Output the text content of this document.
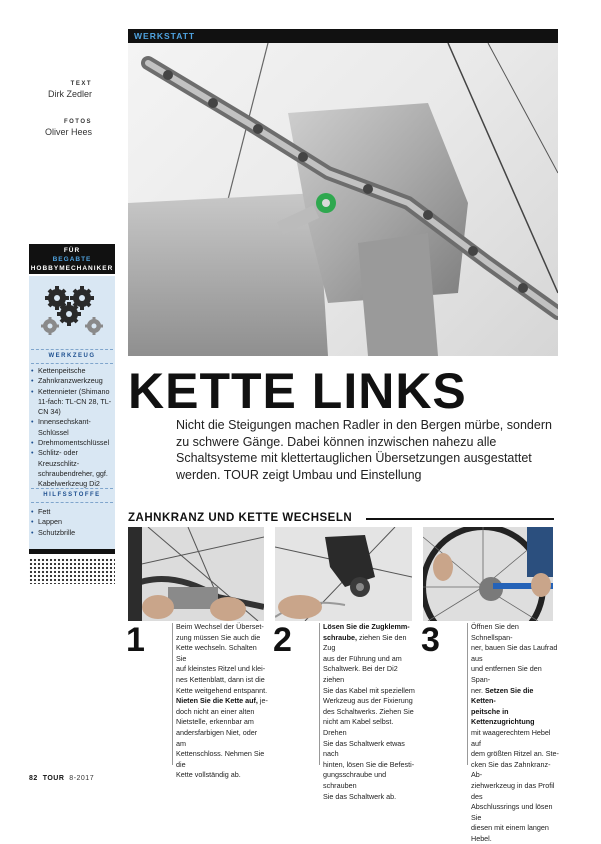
TEXT
Dirk Zedler
FOTOS
Oliver Hees
FÜR
BEGABTE
HOBBYMECHANIKER
WERKZEUG
• Kettenpeitsche
• Zahnkranzwerkzeug
• Kettennieter (Shimano
11-fach: TL-CN 28, TL-CN 34)
• Innensechskant-Schlüssel
• Drehmomentschlüssel
• Schlitz- oder Kreuzschlitz-
schraubendreher, ggf.
Kabelwerkzeug Di2
HILFSSTOFFE
• Fett
• Lappen
• Schutzbrille
WERKSTATT
KETTE LINKS
Nicht die Steigungen machen Radler in den Bergen mürbe, sondern zu schwere Gänge. Dabei können inzwischen nahezu alle Schaltsysteme mit klettertauglichen Übersetzungen ausgestattet werden. TOUR zeigt Umbau und Einstellung
ZAHNKRANZ UND KETTE WECHSELN
1	2	3
Beim Wechsel der Überset-
zung müssen Sie auch die
Kette wechseln. Schalten Sie
auf kleinstes Ritzel und klei-
nes Kettenblatt, dann ist die
Kette weitgehend entspannt.
Nieten Sie die Kette auf, je-
doch nicht an einer alten
Nietstelle, erkennbar am
andersfarbigen Niet, oder am
Kettenschloss. Nehmen Sie die
Kette vollständig ab.
Lösen Sie die Zugklemm-
schraube, ziehen Sie den Zug
aus der Führung und am
Schaltwerk. Bei der Di2 ziehen
Sie das Kabel mit speziellem
Werkzeug aus der Fixierung
des Schaltwerks. Ziehen Sie
nicht am Kabel selbst. Drehen
Sie das Schaltwerk etwas nach
hinten, lösen Sie die Befesti-
gungsschraube und schrauben
Sie das Schaltwerk ab.
Öffnen Sie den Schnellspan-
ner, bauen Sie das Laufrad aus
und entfernen Sie den Span-
ner. Setzen Sie die Ketten-
peitsche in Kettenzugrichtung
mit waagerechtem Hebel auf
dem größten Ritzel an. Ste-
cken Sie das Zahnkranz-Ab-
ziehwerkzeug in das Profil des
Abschlussrings und lösen Sie
diesen mit einem langen
Hebel.
82 TOUR 8-2017
